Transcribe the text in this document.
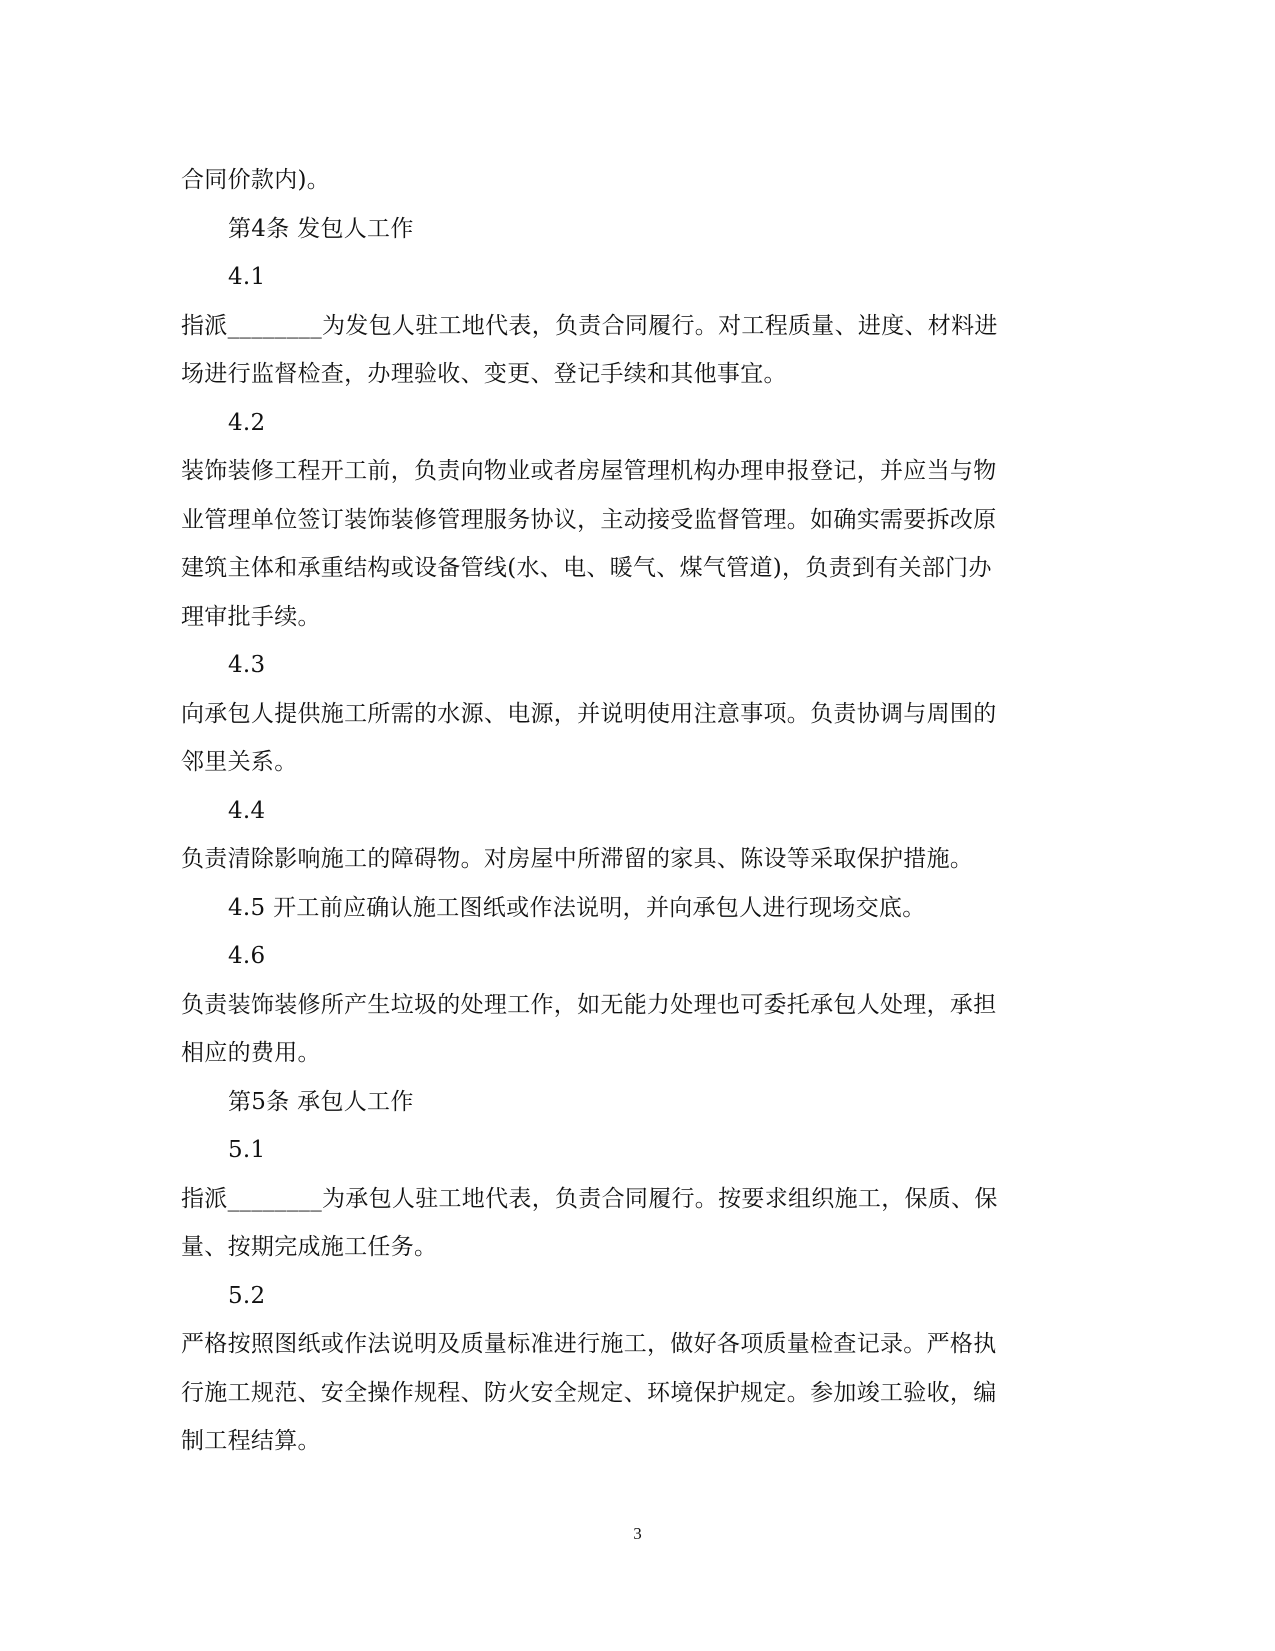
合同价款内)。
第4条 发包人工作
4.1
指派________为发包人驻工地代表，负责合同履行。对工程质量、进度、材料进
场进行监督检查，办理验收、变更、登记手续和其他事宜。
4.2
装饰装修工程开工前，负责向物业或者房屋管理机构办理申报登记，并应当与物
业管理单位签订装饰装修管理服务协议，主动接受监督管理。如确实需要拆改原
建筑主体和承重结构或设备管线(水、电、暖气、煤气管道)，负责到有关部门办
理审批手续。
4.3
向承包人提供施工所需的水源、电源，并说明使用注意事项。负责协调与周围的
邻里关系。
4.4
负责清除影响施工的障碍物。对房屋中所滞留的家具、陈设等采取保护措施。
4.5 开工前应确认施工图纸或作法说明，并向承包人进行现场交底。
4.6
负责装饰装修所产生垃圾的处理工作，如无能力处理也可委托承包人处理，承担
相应的费用。
第5条 承包人工作
5.1
指派________为承包人驻工地代表，负责合同履行。按要求组织施工，保质、保
量、按期完成施工任务。
5.2
严格按照图纸或作法说明及质量标准进行施工，做好各项质量检查记录。严格执
行施工规范、安全操作规程、防火安全规定、环境保护规定。参加竣工验收，编
制工程结算。
3
